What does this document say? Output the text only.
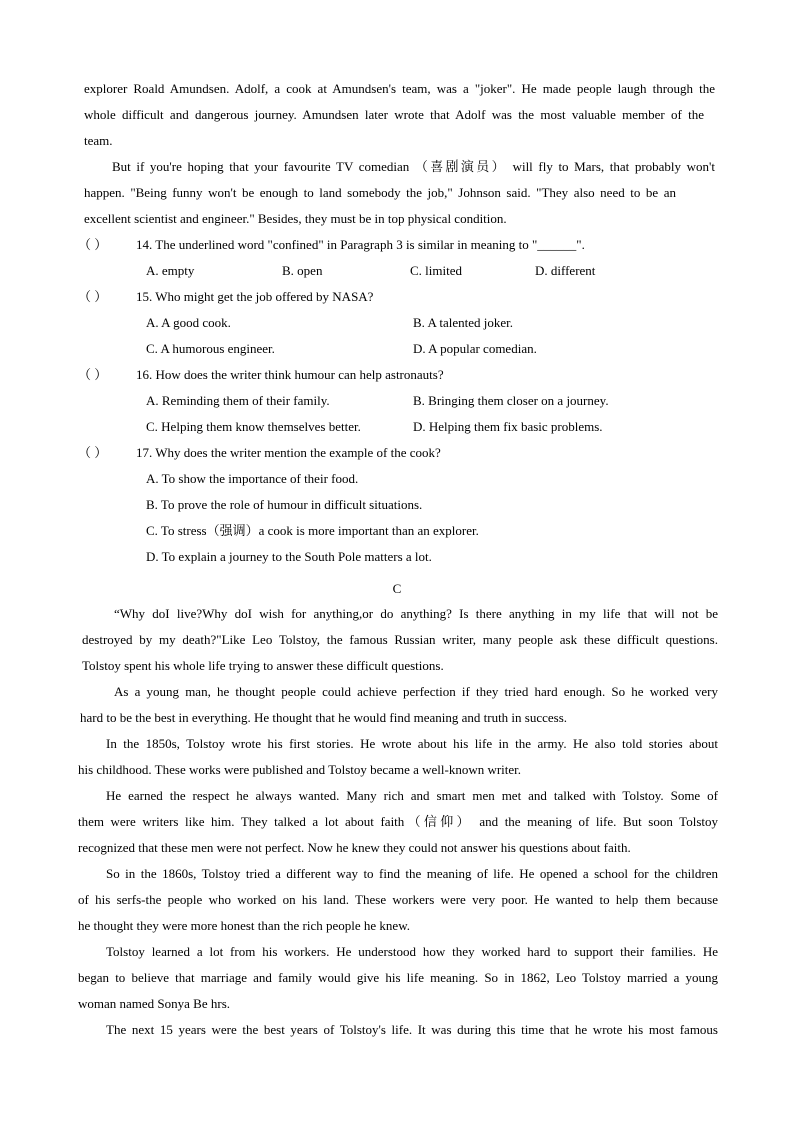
explorer Roald Amundsen. Adolf, a cook at Amundsen's team, was a "joker". He made people laugh through the
whole difficult and dangerous journey. Amundsen later wrote that Adolf was the most valuable member of the
team.
But if you're hoping that your favourite TV comedian （喜剧演员） will fly to Mars, that probably won't
happen. "Being funny won't be enough to land somebody the job," Johnson said. "They also need to be an
excellent scientist and engineer." Besides, they must be in top physical condition.
（ ） 14. The underlined word "confined" in Paragraph 3 is similar in meaning to "______".
A. empty	B. open	C. limited	D. different
（ ） 15. Who might get the job offered by NASA?
A. A good cook.	B. A talented joker.
C. A humorous engineer.	D. A popular comedian.
（ ） 16. How does the writer think humour can help astronauts?
A. Reminding them of their family.	B. Bringing them closer on a journey.
C. Helping them know themselves better.	D. Helping them fix basic problems.
（ ） 17. Why does the writer mention the example of the cook?
A. To show the importance of their food.
B. To prove the role of humour in difficult situations.
C. To stress（强调）a cook is more important than an explorer.
D. To explain a journey to the South Pole matters a lot.
C
“Why doI live?Why doI wish for anything,or do anything? Is there anything in my life that will not be
destroyed by my death?"Like Leo Tolstoy, the famous Russian writer, many people ask these difficult questions.
Tolstoy spent his whole life trying to answer these difficult questions.
As a young man, he thought people could achieve perfection if they tried hard enough. So he worked very
hard to be the best in everything. He thought that he would find meaning and truth in success.
In the 1850s, Tolstoy wrote his first stories. He wrote about his life in the army. He also told stories about
his childhood. These works were published and Tolstoy became a well-known writer.
He earned the respect he always wanted. Many rich and smart men met and talked with Tolstoy. Some of
them were writers like him. They talked a lot about faith（信仰） and the meaning of life. But soon Tolstoy
recognized that these men were not perfect. Now he knew they could not answer his questions about faith.
So in the 1860s, Tolstoy tried a different way to find the meaning of life. He opened a school for the children
of his serfs-the people who worked on his land. These workers were very poor. He wanted to help them because
he thought they were more honest than the rich people he knew.
Tolstoy learned a lot from his workers. He understood how they worked hard to support their families. He
began to believe that marriage and family would give his life meaning. So in 1862, Leo Tolstoy married a young
woman named Sonya Be hrs.
The next 15 years were the best years of Tolstoy's life. It was during this time that he wrote his most famous
